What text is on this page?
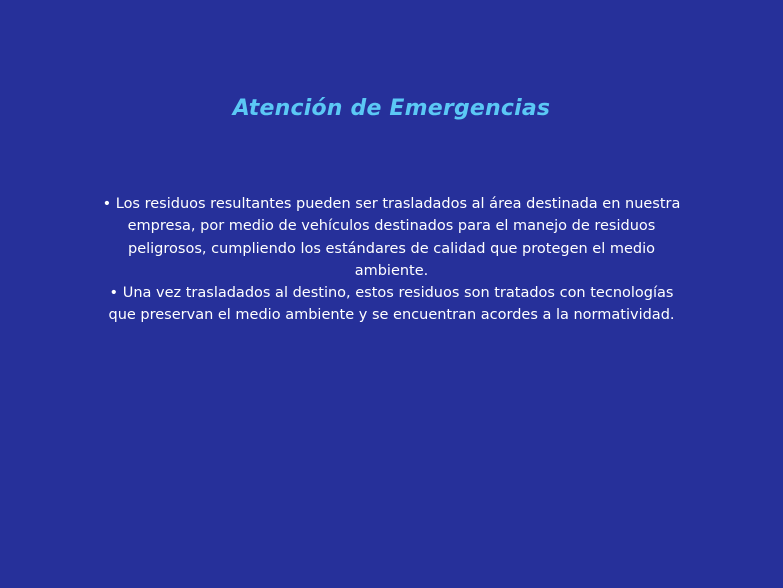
Atención de Emergencias

• Los residuos resultantes pueden ser trasladados al área destinada en nuestra empresa, por medio de vehículos destinados para el manejo de residuos peligrosos, cumpliendo los estándares de calidad que protegen el medio ambiente.

• Una vez trasladados al destino, estos residuos son tratados con tecnologías que preservan el medio ambiente y se encuentran acordes a la normatividad.
